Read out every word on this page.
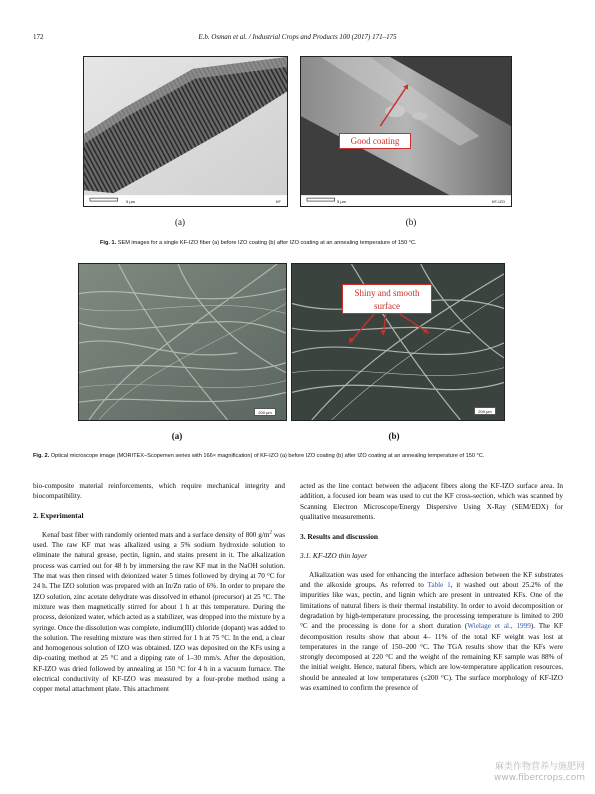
172	E.b. Osman et al. / Industrial Crops and Products 100 (2017) 171–175
5 μm	KF
(a)
Good coating
5 μm	KF-IZO
(b)
Fig. 1. SEM images for a single KF-IZO fiber (a) before IZO coating (b) after IZO coating at an annealing temperature of 150 °C.
200 μm
(a)
Shiny and smooth
surface
200 μm
(b)
Fig. 2. Optical microscope image (MORITEX–Scopemen series with 166× magnification) of KF-IZO (a) before IZO coating (b) after IZO coating at an annealing temperature of 150 °C.

bio-composite material reinforcements, which require mechanical integrity and biocompatibility.

2. Experimental

Kenaf bast fiber with randomly oriented mats and a surface density of 800 $g/m^2$ was used. The raw KF mat was alkalized using a 5% sodium hydroxide solution to eliminate the natural grease, pectin, lignin, and stains present in it. The alkalization process was carried out for 48 h by immersing the raw KF mat in the NaOH solution. The mat was then rinsed with deionized water 5 times followed by drying at 70 °C for 24 h. The IZO solution was prepared with an In/Zn ratio of 6%. In order to prepare the IZO solution, zinc acetate dehydrate was dissolved in ethanol (precursor) at 25 °C. The mixture was then magnetically stirred for about 1 h at this temperature. During the process, deionized water, which acted as a stabilizer, was dropped into the mixture by a syringe. Once the dissolution was complete, indium(III) chloride (dopant) was added to the solution. The resulting mixture was then stirred for 1 h at 75 °C. In the end, a clear and homogenous solution of IZO was obtained. IZO was deposited on the KFs using a dip-coating method at 25 °C and a dipping rate of 1–30 mm/s. After the deposition, KF-IZO was dried followed by annealing at 150 °C for 4 h in a vacuum furnace. The electrical conductivity of KF-IZO was measured by a four-probe method using a copper metal attachment plate. This attachment

acted as the line contact between the adjacent fibers along the KF-IZO surface area. In addition, a focused ion beam was used to cut the KF cross-section, which was scanned by Scanning Electron Microscope/Energy Dispersive Using X-Ray (SEM/EDX) for qualitative measurements.

3. Results and discussion
3.1. KF-IZO thin layer

Alkalization was used for enhancing the interface adhesion between the KF substrates and the alkoxide groups. As referred to Table 1, it washed out about 25.2% of the impurities like wax, pectin, and lignin which are present in untreated KFs. One of the limitations of natural fibers is their thermal instability. In order to avoid decomposition or degradation by high-temperature processing, the processing temperature is limited to 200 °C and the processing is done for a short duration (Wielage et al., 1999). The KF decomposition results show that about 4– 11% of the total KF weight was lost at temperatures in the range of 150–200 °C. The TGA results show that the KFs were strongly decomposed at 220 °C and the weight of the remaining KF sample was 88% of the initial weight. Hence, natural fibers, which are low-temperature application resources, should be annealed at low temperatures (≤200 °C). The surface morphology of KF-IZO was examined to confirm the presence of

麻类作物营养与施肥网
www.fibercrops.com
